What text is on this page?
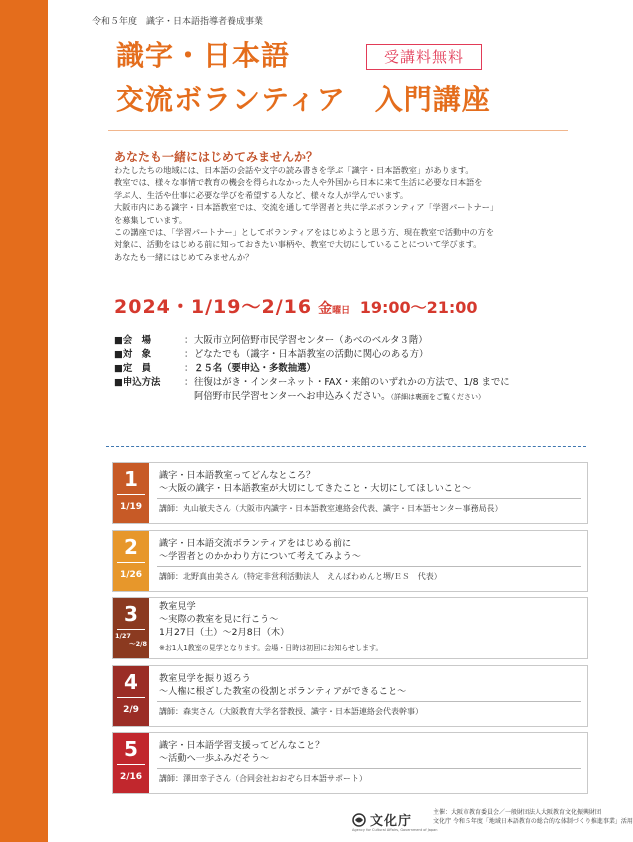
令和５年度　識字・日本語指導者養成事業
識字・日本語
交流ボランティア　入門講座
受講料無料
あなたも一緒にはじめてみませんか？

わたしたちの地域には、日本語の会話や文字の読み書きを学ぶ「識字・日本語教室」があります。

教室では、様々な事情で教育の機会を得られなかった人や外国から日本に来て生活に必要な日本語を

学ぶ人、生活や仕事に必要な学びを希望する人など、様々な人が学んでいます。

大阪市内にある識字・日本語教室では、交流を通して学習者と共に学ぶボランティア「学習パートナー」

を募集しています。

この講座では、「学習パートナー」としてボランティアをはじめようと思う方、現在教室で活動中の方を

対象に、活動をはじめる前に知っておきたい事柄や、教室で大切にしていることについて学びます。

あなたも一緒にはじめてみませんか？

2024・1/19～2/16 金曜日 19:00～21:00
■会　場	： 大阪市立阿倍野市民学習センター（あべのベルタ３階）
■対　象	： どなたでも（識字・日本語教室の活動に関心のある方）
■定　員	： ２５名（要申込・多数抽選）
■申込方法	： 往復はがき・インターネット・FAX・来館のいずれかの方法で、1/8 までに
阿倍野市民学習センターへお申込みください。（詳細は裏面をご覧ください）
1
1/19
識字・日本語教室ってどんなところ？
～大阪の識字・日本語教室が大切にしてきたこと・大切にしてほしいこと～
講師：丸山敏夫さん（大阪市内識字・日本語教室連絡会代表、識字・日本語センター事務局長）
2
1/26
識字・日本語交流ボランティアをはじめる前に
～学習者とのかかわり方について考えてみよう～
講師：北野真由美さん（特定非営利活動法人　えんぱわめんと堺/ＥＳ　代表）
3
1/27
～2/8
教室見学
～実際の教室を見に行こう～
1月27日（土）～2月8日（木）
※お1人1教室の見学となります。会場・日時は初回にお知らせします。
4
2/9
教室見学を振り返ろう
～人権に根ざした教室の役割とボランティアができること～
講師：森実さん（大阪教育大学名誉教授、識字・日本語連絡会代表幹事）
5
2/16
識字・日本語学習支援ってどんなこと？
～活動へ一歩ふみだそう～
講師：澤田幸子さん（合同会社おおぞら日本語サポート）
文化庁
Agency for Cultural Affairs, Government of Japan
主催：大阪市教育委員会／一般財団法人大阪教育文化振興財団
文化庁 令和５年度「地域日本語教育の総合的な体制づくり推進事業」活用
